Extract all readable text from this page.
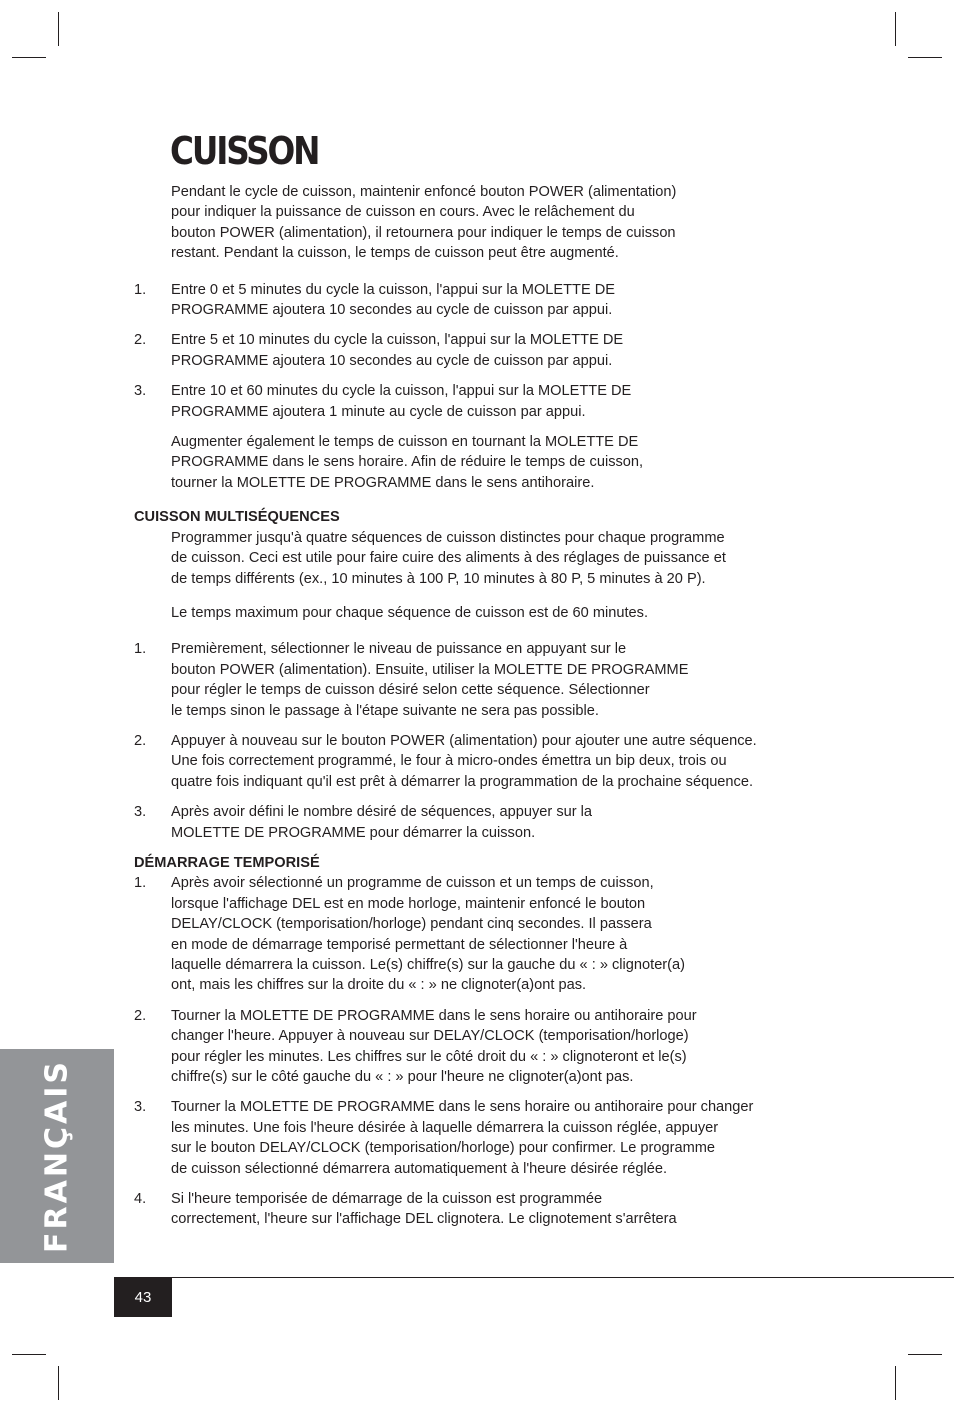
CUISSON

Pendant le cycle de cuisson, maintenir enfoncé bouton POWER (alimentation)
pour indiquer la puissance de cuisson en cours. Avec le relâchement du
bouton POWER (alimentation), il retournera pour indiquer le temps de cuisson
restant. Pendant la cuisson, le temps de cuisson peut être augmenté.

1. Entre 0 et 5 minutes du cycle la cuisson, l'appui sur la MOLETTE DE
PROGRAMME ajoutera 10 secondes au cycle de cuisson par appui.

2. Entre 5 et 10 minutes du cycle la cuisson, l'appui sur la MOLETTE DE
PROGRAMME ajoutera 10 secondes au cycle de cuisson par appui.

3. Entre 10 et 60 minutes du cycle la cuisson, l'appui sur la MOLETTE DE
PROGRAMME ajoutera 1 minute au cycle de cuisson par appui.

Augmenter également le temps de cuisson en tournant la MOLETTE DE
PROGRAMME dans le sens horaire. Afin de réduire le temps de cuisson,
tourner la MOLETTE DE PROGRAMME dans le sens antihoraire.

CUISSON MULTISÉQUENCES

Programmer jusqu'à quatre séquences de cuisson distinctes pour chaque programme
de cuisson. Ceci est utile pour faire cuire des aliments à des réglages de puissance et
de temps différents (ex., 10 minutes à 100 P, 10 minutes à 80 P, 5 minutes à 20 P).

Le temps maximum pour chaque séquence de cuisson est de 60 minutes.

1. Premièrement, sélectionner le niveau de puissance en appuyant sur le
bouton POWER (alimentation). Ensuite, utiliser la MOLETTE DE PROGRAMME
pour régler le temps de cuisson désiré selon cette séquence. Sélectionner
le temps sinon le passage à l'étape suivante ne sera pas possible.

2. Appuyer à nouveau sur le bouton POWER (alimentation) pour ajouter une autre séquence.
Une fois correctement programmé, le four à micro-ondes émettra un bip deux, trois ou
quatre fois indiquant qu'il est prêt à démarrer la programmation de la prochaine séquence.

3. Après avoir défini le nombre désiré de séquences, appuyer sur la
MOLETTE DE PROGRAMME pour démarrer la cuisson.

DÉMARRAGE TEMPORISÉ

1. Après avoir sélectionné un programme de cuisson et un temps de cuisson,
lorsque l'affichage DEL est en mode horloge, maintenir enfoncé le bouton
DELAY/CLOCK (temporisation/horloge) pendant cinq secondes. Il passera
en mode de démarrage temporisé permettant de sélectionner l'heure à
laquelle démarrera la cuisson. Le(s) chiffre(s) sur la gauche du « : » clignoter(a)
ont, mais les chiffres sur la droite du « : » ne clignoter(a)ont pas.

2. Tourner la MOLETTE DE PROGRAMME dans le sens horaire ou antihoraire pour
changer l'heure. Appuyer à nouveau sur DELAY/CLOCK (temporisation/horloge)
pour régler les minutes. Les chiffres sur le côté droit du « : » clignoteront et le(s)
chiffre(s) sur le côté gauche du « : » pour l'heure ne clignoter(a)ont pas.

3. Tourner la MOLETTE DE PROGRAMME dans le sens horaire ou antihoraire pour changer
les minutes. Une fois l'heure désirée à laquelle démarrera la cuisson réglée, appuyer
sur le bouton DELAY/CLOCK (temporisation/horloge) pour confirmer. Le programme
de cuisson sélectionné démarrera automatiquement à l'heure désirée réglée.

4. Si l'heure temporisée de démarrage de la cuisson est programmée
correctement, l'heure sur l'affichage DEL clignotera. Le clignotement s'arrêtera

FRANÇAIS
43
